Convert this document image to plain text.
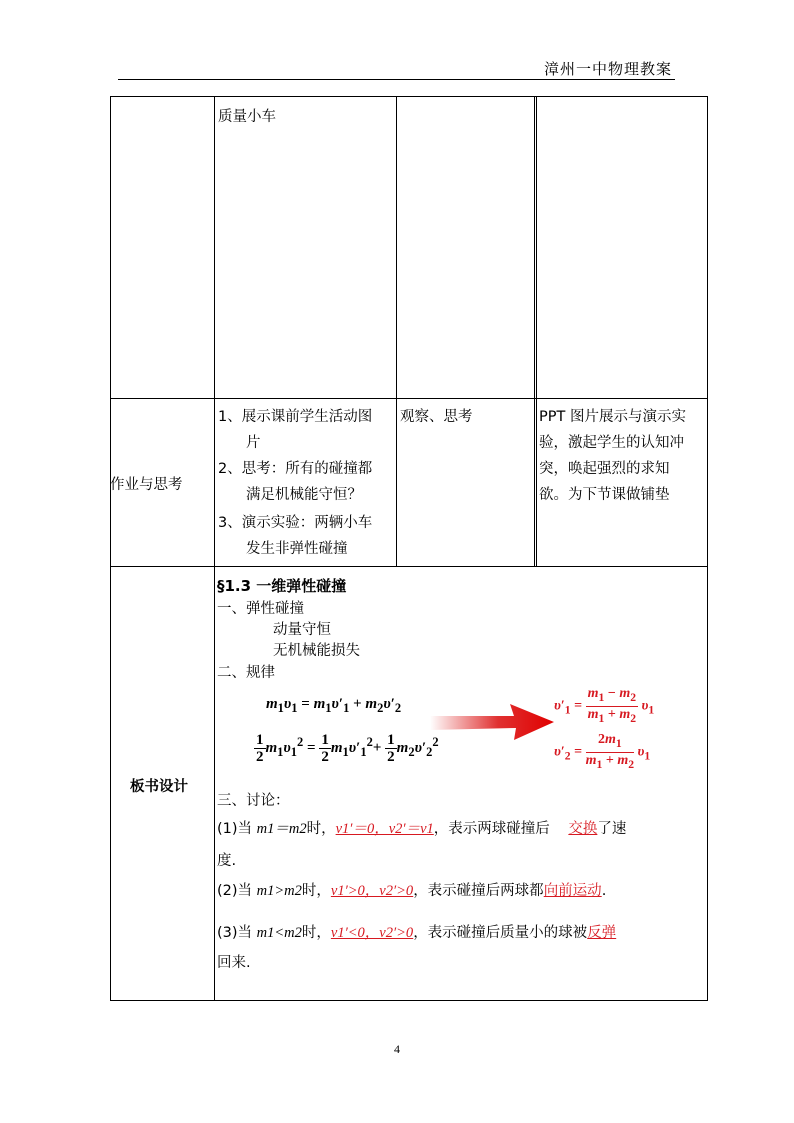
漳州一中物理教案
质量小车
作业与思考
1、展示课前学生活动图
片
2、思考：所有的碰撞都
满足机械能守恒？
3、演示实验：两辆小车
发生非弹性碰撞
观察、思考	PPT 图片展示与演示实
验，激起学生的认知冲
突，唤起强烈的求知
欲。为下节课做铺垫
板书设计
§1.3 一维弹性碰撞
一、弹性碰撞
动量守恒
无机械能损失
二、规律
$m_1\upsilon_1 = m_1\upsilon'_1 + m_2\upsilon'_2$
$\frac{1}{2} m_1\upsilon_1^2 = \frac{1}{2} m_1\upsilon'_1^2+ \frac{1}{2} m_2\upsilon'_2^2$
$\upsilon'_1 = \frac{m_1 - m_2}{m_1 + m_2} \upsilon_1$
$\upsilon'_2 = \frac{2m_1}{m_1 + m_2} \upsilon_1$
三、讨论：
(1)当 m1＝m2时，v1′＝0，v2′＝v1，表示两球碰撞后 交换了速
度.
(2)当 m1>m2时，v1′>0，v2′>0，表示碰撞后两球都向前运动.
(3)当 m1<m2时，v1′<0，v2′>0，表示碰撞后质量小的球被反弹
回来.
4
